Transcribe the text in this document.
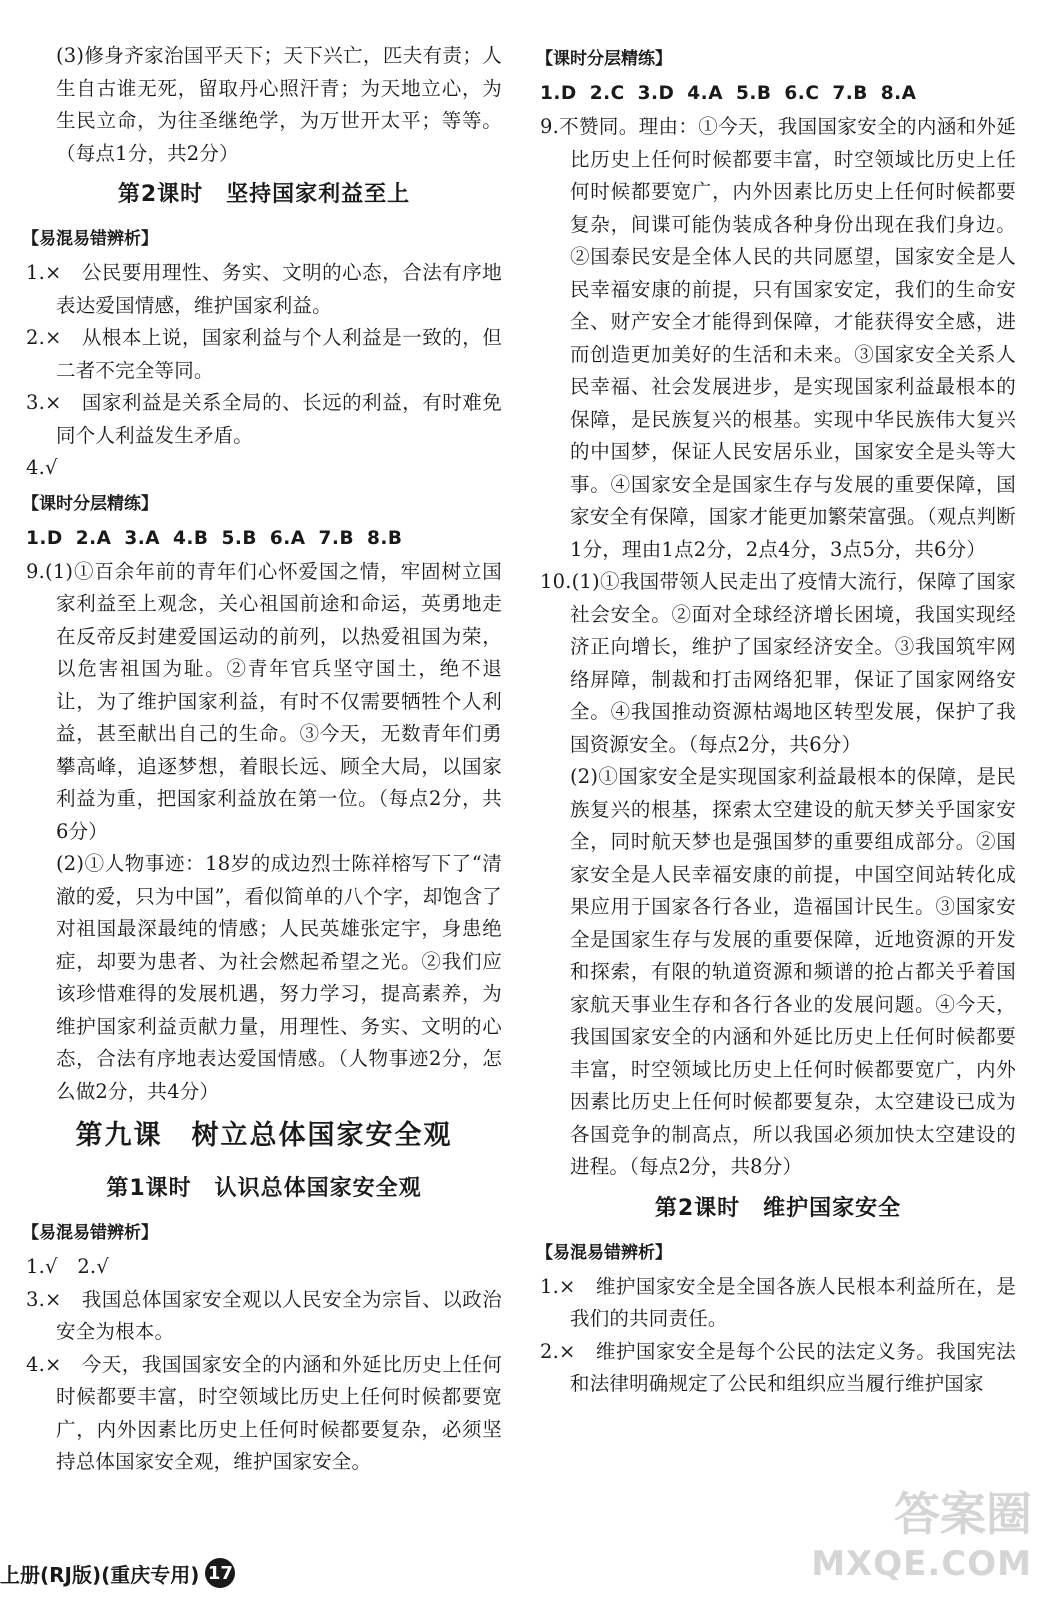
(3)修身齐家治国平天下；天下兴亡，匹夫有责；人生自古谁无死，留取丹心照汗青；为天地立心，为生民立命，为往圣继绝学，为万世开太平；等等。（每点1分，共2分）

第2课时　坚持国家利益至上

【易混易错辨析】

1.×　公民要用理性、务实、文明的心态，合法有序地表达爱国情感，维护国家利益。

2.×　从根本上说，国家利益与个人利益是一致的，但二者不完全等同。

3.×　国家利益是关系全局的、长远的利益，有时难免同个人利益发生矛盾。

4.√

【课时分层精练】

1.D 2.A 3.A 4.B 5.B 6.A 7.B 8.B

9.(1)①百余年前的青年们心怀爱国之情，牢固树立国家利益至上观念，关心祖国前途和命运，英勇地走在反帝反封建爱国运动的前列，以热爱祖国为荣，以危害祖国为耻。②青年官兵坚守国土，绝不退让，为了维护国家利益，有时不仅需要牺牲个人利益，甚至献出自己的生命。③今天，无数青年们勇攀高峰，追逐梦想，着眼长远、顾全大局，以国家利益为重，把国家利益放在第一位。（每点2分，共6分）

(2)①人物事迹：18岁的成边烈士陈祥榕写下了“清澈的爱，只为中国”，看似简单的八个字，却饱含了对祖国最深最纯的情感；人民英雄张定宇，身患绝症，却要为患者、为社会燃起希望之光。②我们应该珍惜难得的发展机遇，努力学习，提高素养，为维护国家利益贡献力量，用理性、务实、文明的心态，合法有序地表达爱国情感。（人物事迹2分，怎么做2分，共4分）

第九课　树立总体国家安全观

第1课时　认识总体国家安全观

【易混易错辨析】

1.√　2.√

3.×　我国总体国家安全观以人民安全为宗旨、以政治安全为根本。

4.×　今天，我国国家安全的内涵和外延比历史上任何时候都要丰富，时空领域比历史上任何时候都要宽广，内外因素比历史上任何时候都要复杂，必须坚持总体国家安全观，维护国家安全。

【课时分层精练】

1.D 2.C 3.D 4.A 5.B 6.C 7.B 8.A

9.不赞同。理由：①今天，我国国家安全的内涵和外延比历史上任何时候都要丰富，时空领域比历史上任何时候都要宽广，内外因素比历史上任何时候都要复杂，间谍可能伪装成各种身份出现在我们身边。②国泰民安是全体人民的共同愿望，国家安全是人民幸福安康的前提，只有国家安定，我们的生命安全、财产安全才能得到保障，才能获得安全感，进而创造更加美好的生活和未来。③国家安全关系人民幸福、社会发展进步，是实现国家利益最根本的保障，是民族复兴的根基。实现中华民族伟大复兴的中国梦，保证人民安居乐业，国家安全是头等大事。④国家安全是国家生存与发展的重要保障，国家安全有保障，国家才能更加繁荣富强。（观点判断1分，理由1点2分，2点4分，3点5分，共6分）

10.(1)①我国带领人民走出了疫情大流行，保障了国家社会安全。②面对全球经济增长困境，我国实现经济正向增长，维护了国家经济安全。③我国筑牢网络屏障，制裁和打击网络犯罪，保证了国家网络安全。④我国推动资源枯竭地区转型发展，保护了我国资源安全。（每点2分，共6分）

(2)①国家安全是实现国家利益最根本的保障，是民族复兴的根基，探索太空建设的航天梦关乎国家安全，同时航天梦也是强国梦的重要组成部分。②国家安全是人民幸福安康的前提，中国空间站转化成果应用于国家各行各业，造福国计民生。③国家安全是国家生存与发展的重要保障，近地资源的开发和探索，有限的轨道资源和频谱的抢占都关乎着国家航天事业生存和各行各业的发展问题。④今天，我国国家安全的内涵和外延比历史上任何时候都要丰富，时空领域比历史上任何时候都要宽广，内外因素比历史上任何时候都要复杂，太空建设已成为各国竞争的制高点，所以我国必须加快太空建设的进程。（每点2分，共8分）

第2课时　维护国家安全

【易混易错辨析】

1.×　维护国家安全是全国各族人民根本利益所在，是我们的共同责任。

2.×　维护国家安全是每个公民的法定义务。我国宪法和法律明确规定了公民和组织应当履行维护国家

上册(RJ版)(重庆专用) 17
答案圈
MXQE.COM
